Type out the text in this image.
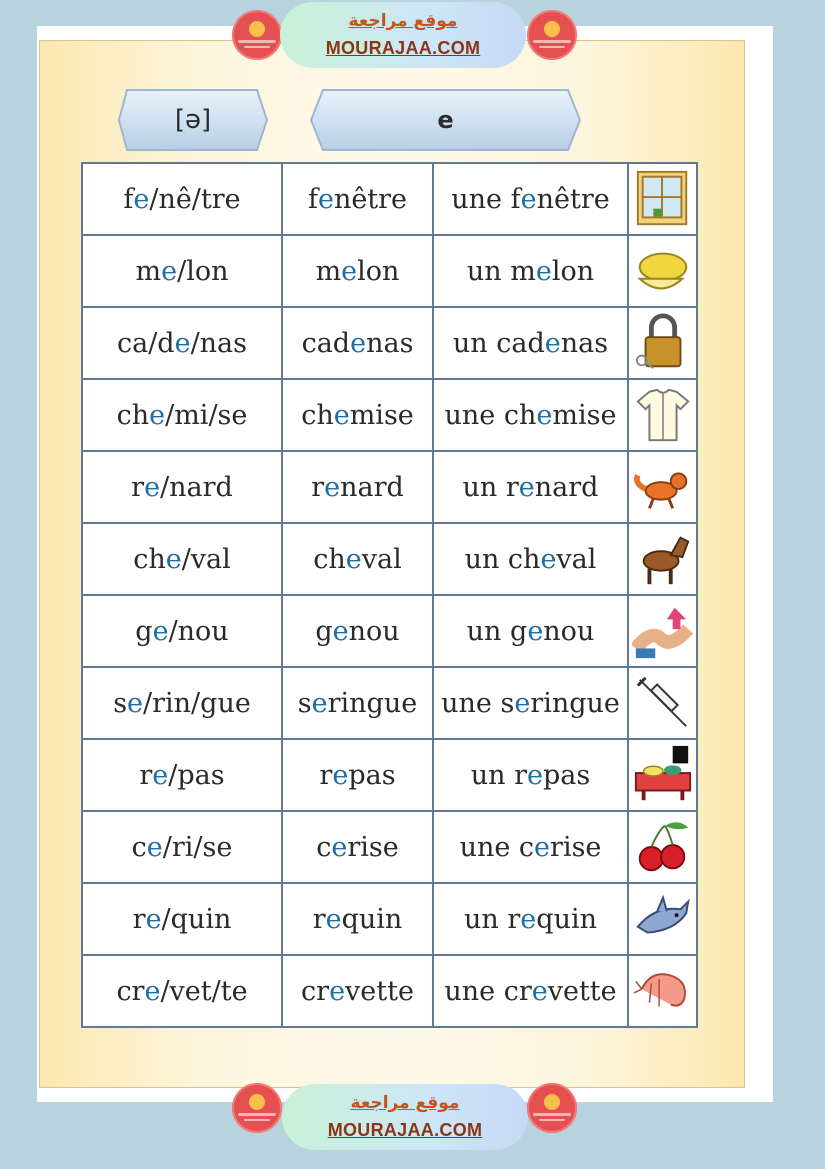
موقع مراجعة
MOURAJAA.COM
[ə]	e
fe/nê/tre	fenêtre	une fenêtre	

me/lon	melon	un melon	

ca/de/nas	cadenas	un cadenas	

che/mi/se	chemise	une chemise	

re/nard	renard	un renard	

che/val	cheval	un cheval	

ge/nou	genou	un genou	

se/rin/gue	seringue	une seringue	

re/pas	repas	un repas	

ce/ri/se	cerise	une cerise	

re/quin	requin	un requin	

cre/vet/te	crevette	une crevette	
موقع مراجعة
MOURAJAA.COM
